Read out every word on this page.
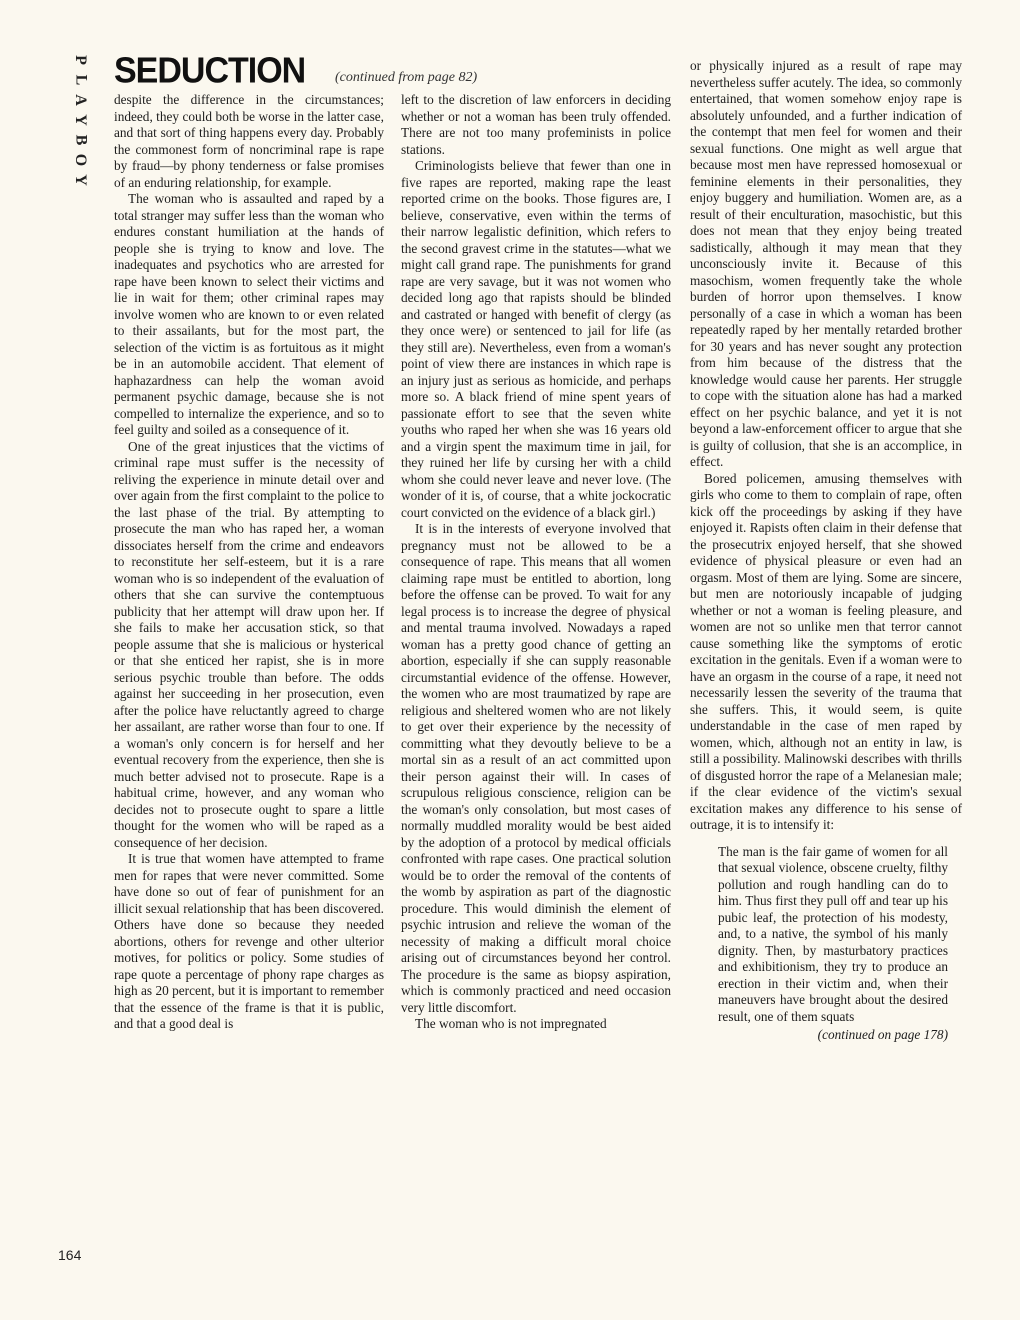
P
L
A
Y
B
O
Y
SEDUCTION (continued from page 82)

despite the difference in the circumstances; indeed, they could both be worse in the latter case, and that sort of thing happens every day. Probably the commonest form of noncriminal rape is rape by fraud—by phony tenderness or false promises of an enduring relationship, for example.

The woman who is assaulted and raped by a total stranger may suffer less than the woman who endures constant humiliation at the hands of people she is trying to know and love. The inadequates and psychotics who are arrested for rape have been known to select their victims and lie in wait for them; other criminal rapes may involve women who are known to or even related to their assailants, but for the most part, the selection of the victim is as fortuitous as it might be in an automobile accident. That element of haphazardness can help the woman avoid permanent psychic damage, because she is not compelled to internalize the experience, and so to feel guilty and soiled as a consequence of it.

One of the great injustices that the victims of criminal rape must suffer is the necessity of reliving the experience in minute detail over and over again from the first complaint to the police to the last phase of the trial. By attempting to prosecute the man who has raped her, a woman dissociates herself from the crime and endeavors to reconstitute her self-esteem, but it is a rare woman who is so independent of the evaluation of others that she can survive the contemptuous publicity that her attempt will draw upon her. If she fails to make her accusation stick, so that people assume that she is malicious or hysterical or that she enticed her rapist, she is in more serious psychic trouble than before. The odds against her succeeding in her prosecution, even after the police have reluctantly agreed to charge her assailant, are rather worse than four to one. If a woman's only concern is for herself and her eventual recovery from the experience, then she is much better advised not to prosecute. Rape is a habitual crime, however, and any woman who decides not to prosecute ought to spare a little thought for the women who will be raped as a consequence of her decision.

It is true that women have attempted to frame men for rapes that were never committed. Some have done so out of fear of punishment for an illicit sexual relationship that has been discovered. Others have done so because they needed abortions, others for revenge and other ulterior motives, for politics or policy. Some studies of rape quote a percentage of phony rape charges as high as 20 percent, but it is important to remember that the essence of the frame is that it is public, and that a good deal is

left to the discretion of law enforcers in deciding whether or not a woman has been truly offended. There are not too many profeminists in police stations.

Criminologists believe that fewer than one in five rapes are reported, making rape the least reported crime on the books. Those figures are, I believe, conservative, even within the terms of their narrow legalistic definition, which refers to the second gravest crime in the statutes—what we might call grand rape. The punishments for grand rape are very savage, but it was not women who decided long ago that rapists should be blinded and castrated or hanged with benefit of clergy (as they once were) or sentenced to jail for life (as they still are). Nevertheless, even from a woman's point of view there are instances in which rape is an injury just as serious as homicide, and perhaps more so. A black friend of mine spent years of passionate effort to see that the seven white youths who raped her when she was 16 years old and a virgin spent the maximum time in jail, for they ruined her life by cursing her with a child whom she could never leave and never love. (The wonder of it is, of course, that a white jockocratic court convicted on the evidence of a black girl.)

It is in the interests of everyone involved that pregnancy must not be allowed to be a consequence of rape. This means that all women claiming rape must be entitled to abortion, long before the offense can be proved. To wait for any legal process is to increase the degree of physical and mental trauma involved. Nowadays a raped woman has a pretty good chance of getting an abortion, especially if she can supply reasonable circumstantial evidence of the offense. However, the women who are most traumatized by rape are religious and sheltered women who are not likely to get over their experience by the necessity of committing what they devoutly believe to be a mortal sin as a result of an act committed upon their person against their will. In cases of scrupulous religious conscience, religion can be the woman's only consolation, but most cases of normally muddled morality would be best aided by the adoption of a protocol by medical officials confronted with rape cases. One practical solution would be to order the removal of the contents of the womb by aspiration as part of the diagnostic procedure. This would diminish the element of psychic intrusion and relieve the woman of the necessity of making a difficult moral choice arising out of circumstances beyond her control. The procedure is the same as biopsy aspiration, which is commonly practiced and need occasion very little discomfort.

The woman who is not impregnated

or physically injured as a result of rape may nevertheless suffer acutely. The idea, so commonly entertained, that women somehow enjoy rape is absolutely unfounded, and a further indication of the contempt that men feel for women and their sexual functions. One might as well argue that because most men have repressed homosexual or feminine elements in their personalities, they enjoy buggery and humiliation. Women are, as a result of their enculturation, masochistic, but this does not mean that they enjoy being treated sadistically, although it may mean that they unconsciously invite it. Because of this masochism, women frequently take the whole burden of horror upon themselves. I know personally of a case in which a woman has been repeatedly raped by her mentally retarded brother for 30 years and has never sought any protection from him because of the distress that the knowledge would cause her parents. Her struggle to cope with the situation alone has had a marked effect on her psychic balance, and yet it is not beyond a law-enforcement officer to argue that she is guilty of collusion, that she is an accomplice, in effect.

Bored policemen, amusing themselves with girls who come to them to complain of rape, often kick off the proceedings by asking if they have enjoyed it. Rapists often claim in their defense that the prosecutrix enjoyed herself, that she showed evidence of physical pleasure or even had an orgasm. Most of them are lying. Some are sincere, but men are notoriously incapable of judging whether or not a woman is feeling pleasure, and women are not so unlike men that terror cannot cause something like the symptoms of erotic excitation in the genitals. Even if a woman were to have an orgasm in the course of a rape, it need not necessarily lessen the severity of the trauma that she suffers. This, it would seem, is quite understandable in the case of men raped by women, which, although not an entity in law, is still a possibility. Malinowski describes with thrills of disgusted horror the rape of a Melanesian male; if the clear evidence of the victim's sexual excitation makes any difference to his sense of outrage, it is to intensify it:

The man is the fair game of women for all that sexual violence, obscene cruelty, filthy pollution and rough handling can do to him. Thus first they pull off and tear up his pubic leaf, the protection of his modesty, and, to a native, the symbol of his manly dignity. Then, by masturbatory practices and exhibitionism, they try to produce an erection in their victim and, when their maneuvers have brought about the desired result, one of them squats

(continued on page 178)
164
